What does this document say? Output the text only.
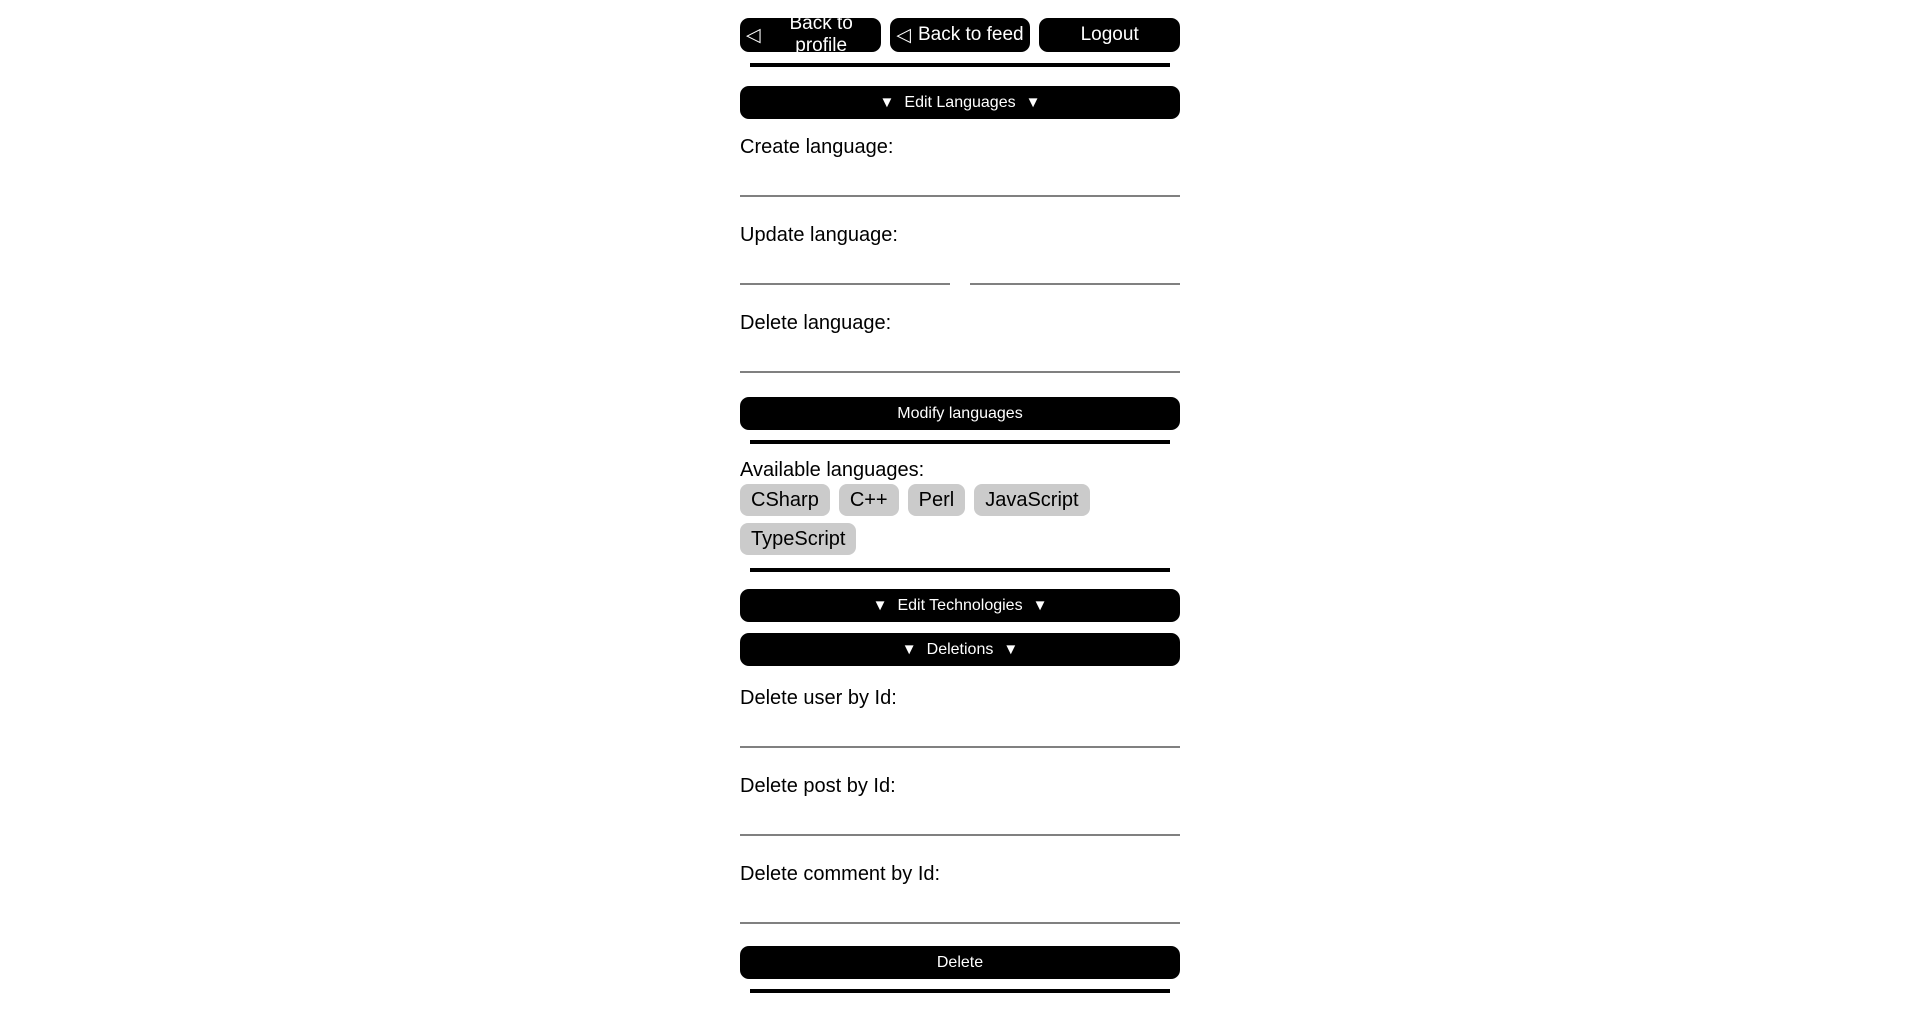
◁
Back to profile	◁ Back to feed	Logout
▼ Edit Languages ▼
Create language:
Update language:
Delete language:
Modify languages
Available languages:
CSharp	C++	Perl	JavaScript
TypeScript
▼ Edit Technologies ▼
▼ Deletions ▼
Delete user by Id:
Delete post by Id:
Delete comment by Id:
Delete
